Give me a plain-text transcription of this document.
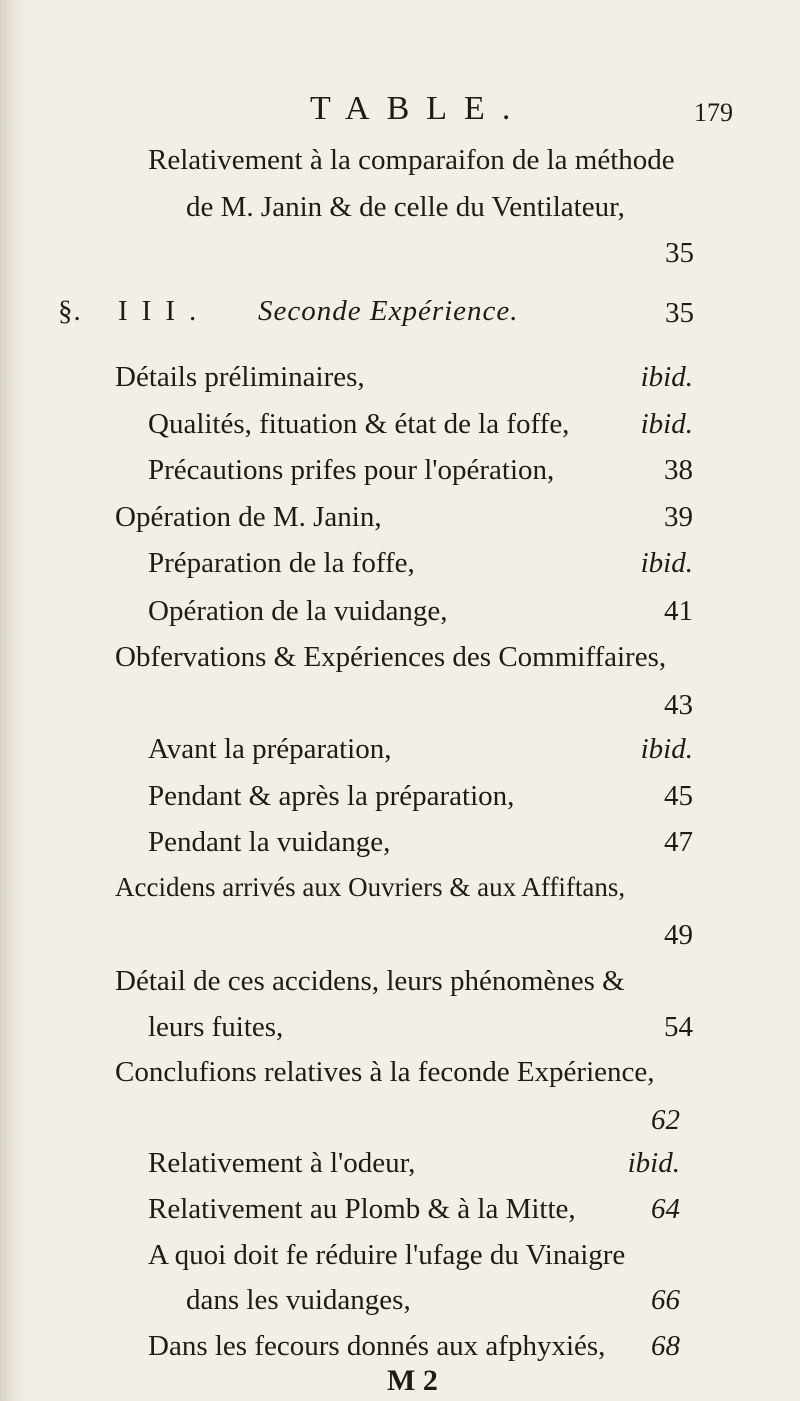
TABLE.	179
Relativement à la comparaifon de la méthode
de M. Janin & de celle du Ventilateur,
35
§. III. Seconde Expérience.	35
Détails préliminaires,	ibid.
Qualités, fituation & état de la foffe,	ibid.
Précautions prifes pour l'opération,	38
Opération de M. Janin,	39
Préparation de la foffe,	ibid.
Opération de la vuidange,	41
Obfervations & Expériences des Commiffaires,
43
Avant la préparation,	ibid.
Pendant & après la préparation,	45
Pendant la vuidange,	47
Accidens arrivés aux Ouvriers & aux Affiftans,
49
Détail de ces accidens, leurs phénomènes &
leurs fuites,	54
Conclufions relatives à la feconde Expérience,
62
Relativement à l'odeur,	ibid.
Relativement au Plomb & à la Mitte,	64
A quoi doit fe réduire l'ufage du Vinaigre
dans les vuidanges,	66
Dans les fecours donnés aux afphyxiés,	68
M 2
